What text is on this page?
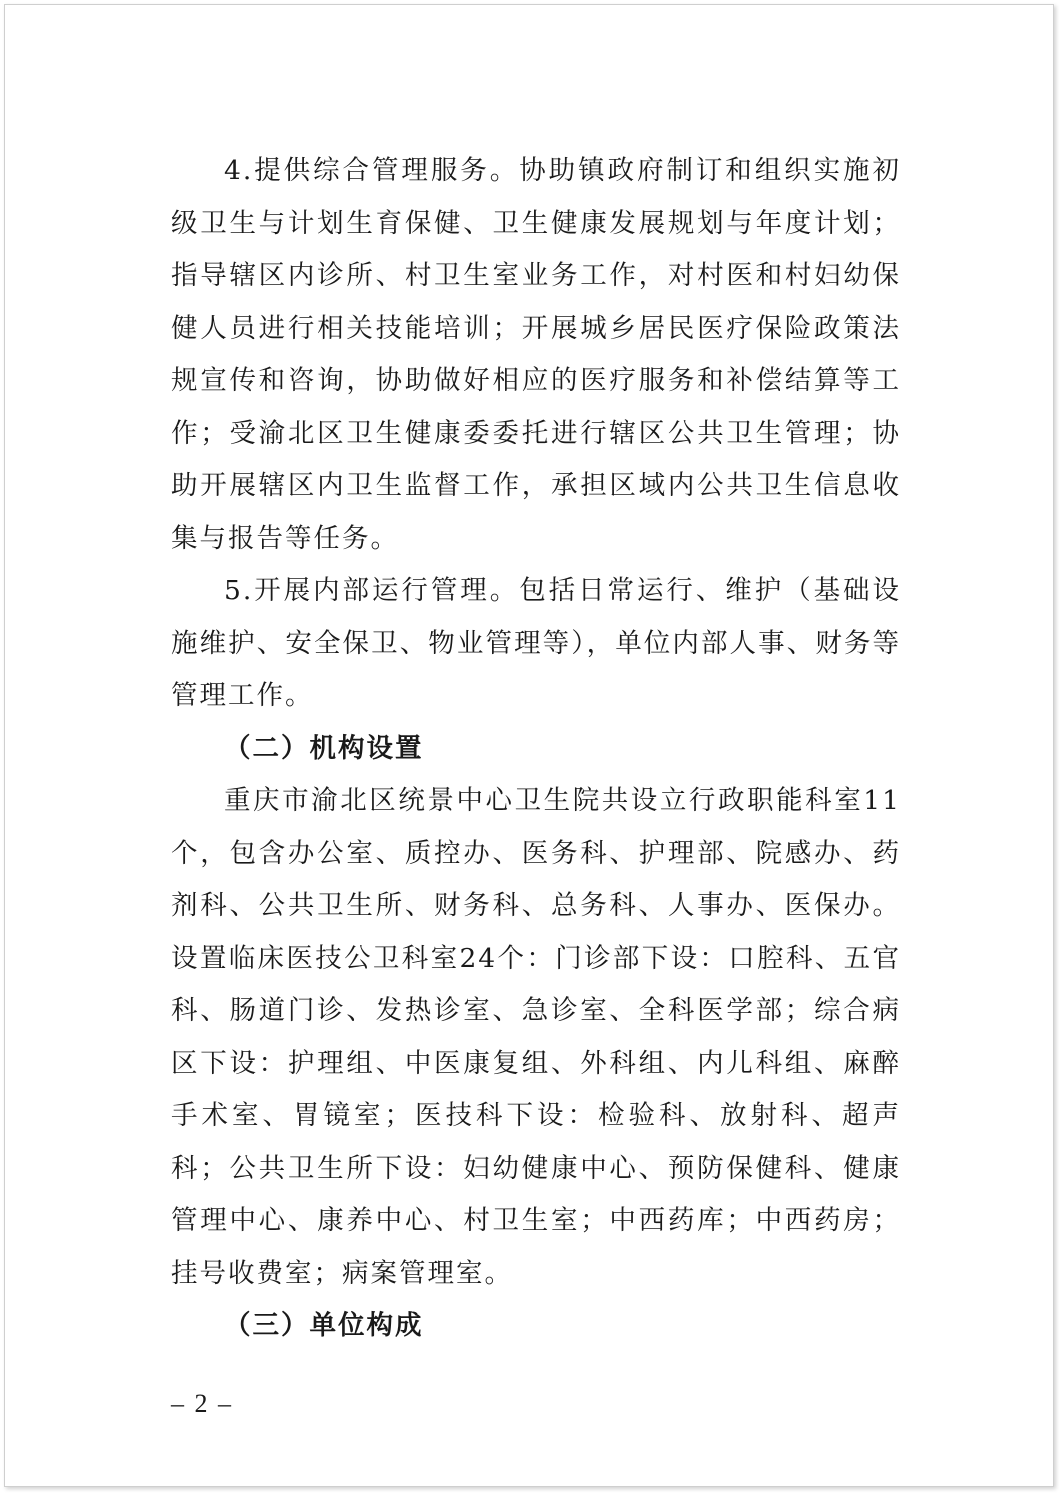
4.提供综合管理服务。协助镇政府制订和组织实施初级卫生与计划生育保健、卫生健康发展规划与年度计划；指导辖区内诊所、村卫生室业务工作，对村医和村妇幼保健人员进行相关技能培训；开展城乡居民医疗保险政策法规宣传和咨询，协助做好相应的医疗服务和补偿结算等工作；受渝北区卫生健康委委托进行辖区公共卫生管理；协助开展辖区内卫生监督工作，承担区域内公共卫生信息收集与报告等任务。

5.开展内部运行管理。包括日常运行、维护（基础设施维护、安全保卫、物业管理等），单位内部人事、财务等管理工作。

（二）机构设置

重庆市渝北区统景中心卫生院共设立行政职能科室11个，包含办公室、质控办、医务科、护理部、院感办、药剂科、公共卫生所、财务科、总务科、人事办、医保办。设置临床医技公卫科室24个：门诊部下设：口腔科、五官科、肠道门诊、发热诊室、急诊室、全科医学部；综合病区下设：护理组、中医康复组、外科组、内儿科组、麻醉手术室、胃镜室；医技科下设：检验科、放射科、超声科；公共卫生所下设：妇幼健康中心、预防保健科、健康管理中心、康养中心、村卫生室；中西药库；中西药房；挂号收费室；病案管理室。

（三）单位构成

– 2 –
